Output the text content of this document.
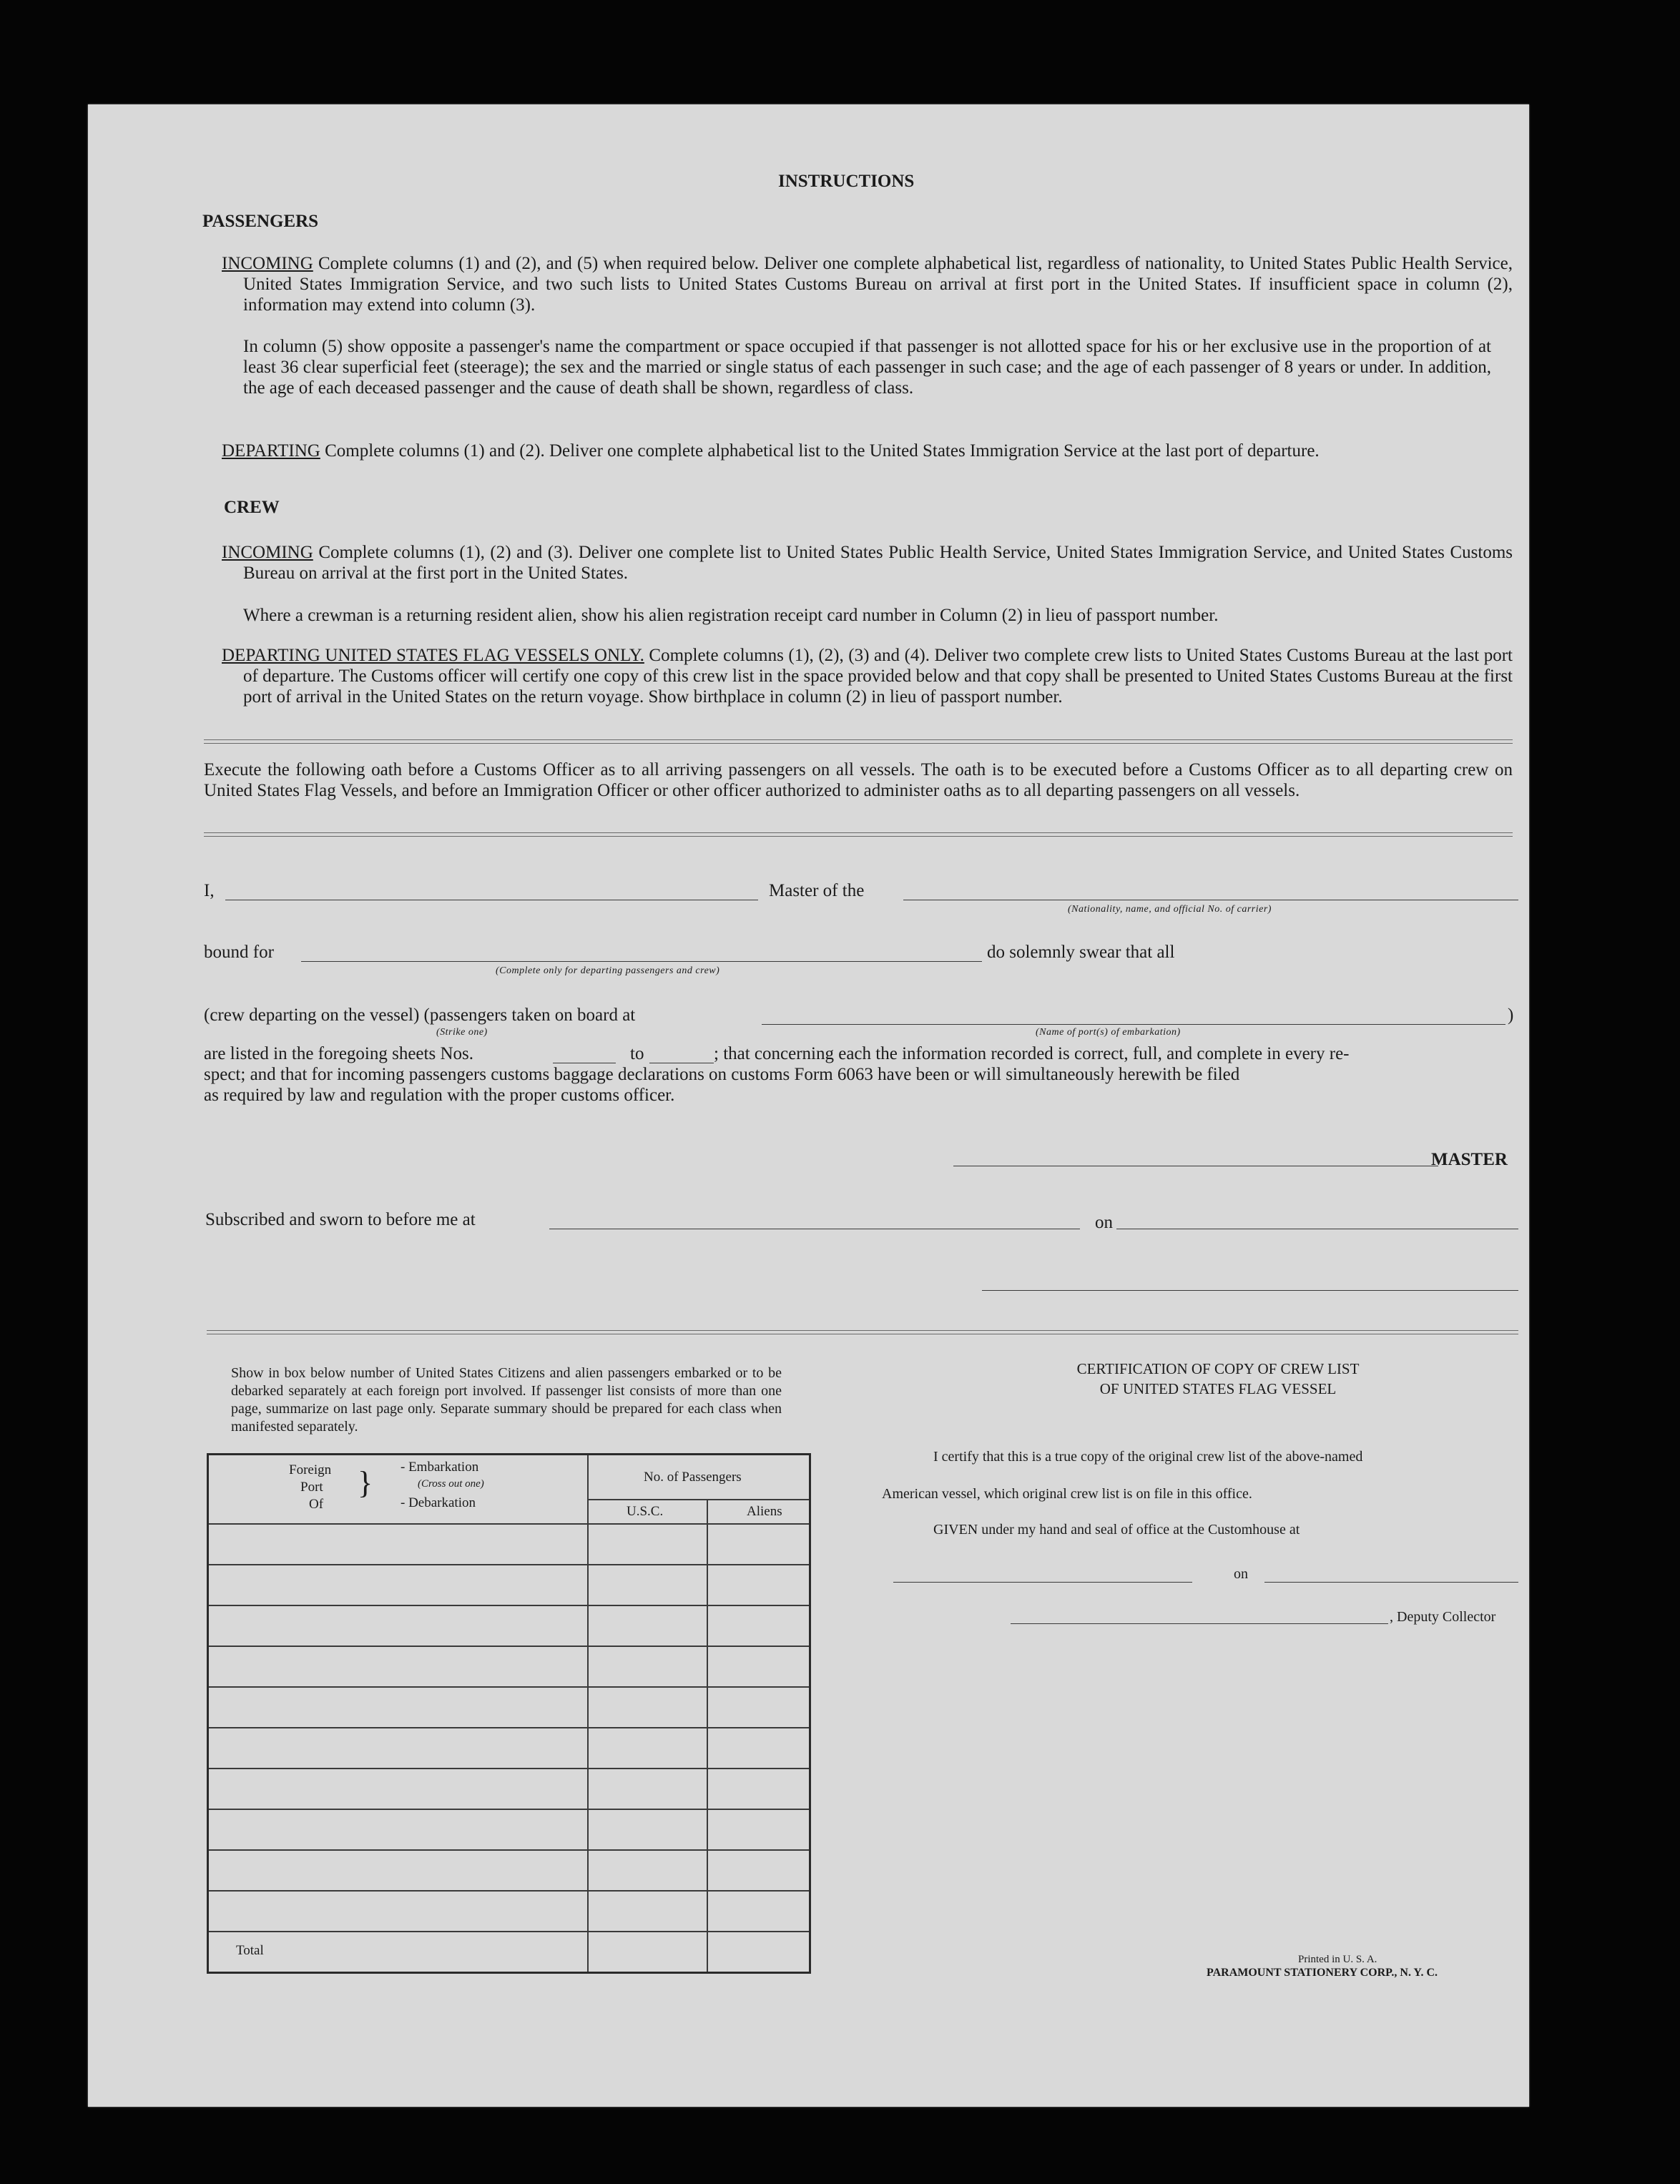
INSTRUCTIONS
PASSENGERS
INCOMING Complete columns (1) and (2), and (5) when required below. Deliver one complete alphabetical list, regardless of nationality, to United States Public Health Service, United States Immigration Service, and two such lists to United States Customs Bureau on arrival at first port in the United States. If insufficient space in column (2), information may extend into column (3).
In column (5) show opposite a passenger's name the compartment or space occupied if that passenger is not allotted space for his or her exclusive use in the proportion of at least 36 clear superficial feet (steerage); the sex and the married or single status of each passenger in such case; and the age of each passenger of 8 years or under. In addition, the age of each deceased passenger and the cause of death shall be shown, regardless of class.
DEPARTING Complete columns (1) and (2). Deliver one complete alphabetical list to the United States Immigration Service at the last port of departure.
CREW
INCOMING Complete columns (1), (2) and (3). Deliver one complete list to United States Public Health Service, United States Immigration Service, and United States Customs Bureau on arrival at the first port in the United States.
Where a crewman is a returning resident alien, show his alien registration receipt card number in Column (2) in lieu of passport number.
DEPARTING UNITED STATES FLAG VESSELS ONLY. Complete columns (1), (2), (3) and (4). Deliver two complete crew lists to United States Customs Bureau at the last port of departure. The Customs officer will certify one copy of this crew list in the space provided below and that copy shall be presented to United States Customs Bureau at the first port of arrival in the United States on the return voyage. Show birthplace in column (2) in lieu of passport number.
Execute the following oath before a Customs Officer as to all arriving passengers on all vessels. The oath is to be executed before a Customs Officer as to all departing crew on United States Flag Vessels, and before an Immigration Officer or other officer authorized to administer oaths as to all departing passengers on all vessels.
I,	Master of the
(Nationality, name, and official No. of carrier)
bound for
(Complete only for departing passengers and crew)
do solemnly swear that all
(crew departing on the vessel) (passengers taken on board at	)
(Strike one)	(Name of port(s) of embarkation)
are listed in the foregoing sheets Nos.	to	; that concerning each the information recorded is correct, full, and complete in every re-
spect; and that for incoming passengers customs baggage declarations on customs Form 6063 have been or will simultaneously herewith be filed
as required by law and regulation with the proper customs officer.
MASTER
Subscribed and sworn to before me at	on
Show in box below number of United States Citizens and alien passengers embarked or to be debarked separately at each foreign port involved. If passenger list consists of more than one page, summarize on last page only. Separate summary should be prepared for each class when manifested separately.
Foreign
Port
Of
} - Embarkation
(Cross out one)
- Debarkation
No. of Passengers
U.S.C.	Aliens
Total
CERTIFICATION OF COPY OF CREW LIST
OF UNITED STATES FLAG VESSEL
I certify that this is a true copy of the original crew list of the above-named
American vessel, which original crew list is on file in this office.
GIVEN under my hand and seal of office at the Customhouse at
on
, Deputy Collector
Printed in U. S. A.
PARAMOUNT STATIONERY CORP., N. Y. C.
